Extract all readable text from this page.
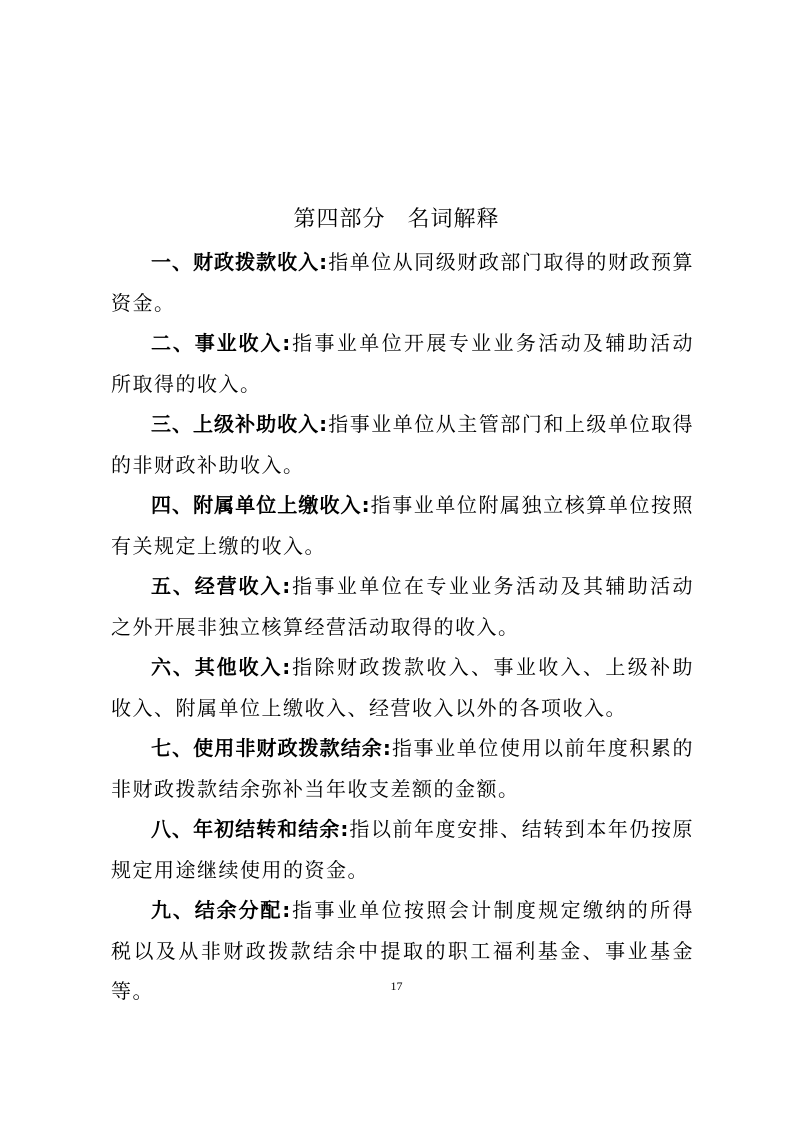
第四部分 名词解释

一、财政拨款收入:指单位从同级财政部门取得的财政预算资金。

二、事业收入:指事业单位开展专业业务活动及辅助活动所取得的收入。

三、上级补助收入:指事业单位从主管部门和上级单位取得的非财政补助收入。

四、附属单位上缴收入:指事业单位附属独立核算单位按照有关规定上缴的收入。

五、经营收入:指事业单位在专业业务活动及其辅助活动之外开展非独立核算经营活动取得的收入。

六、其他收入:指除财政拨款收入、事业收入、上级补助收入、附属单位上缴收入、经营收入以外的各项收入。

七、使用非财政拨款结余:指事业单位使用以前年度积累的非财政拨款结余弥补当年收支差额的金额。

八、年初结转和结余:指以前年度安排、结转到本年仍按原规定用途继续使用的资金。

九、结余分配:指事业单位按照会计制度规定缴纳的所得税以及从非财政拨款结余中提取的职工福利基金、事业基金等。	17
